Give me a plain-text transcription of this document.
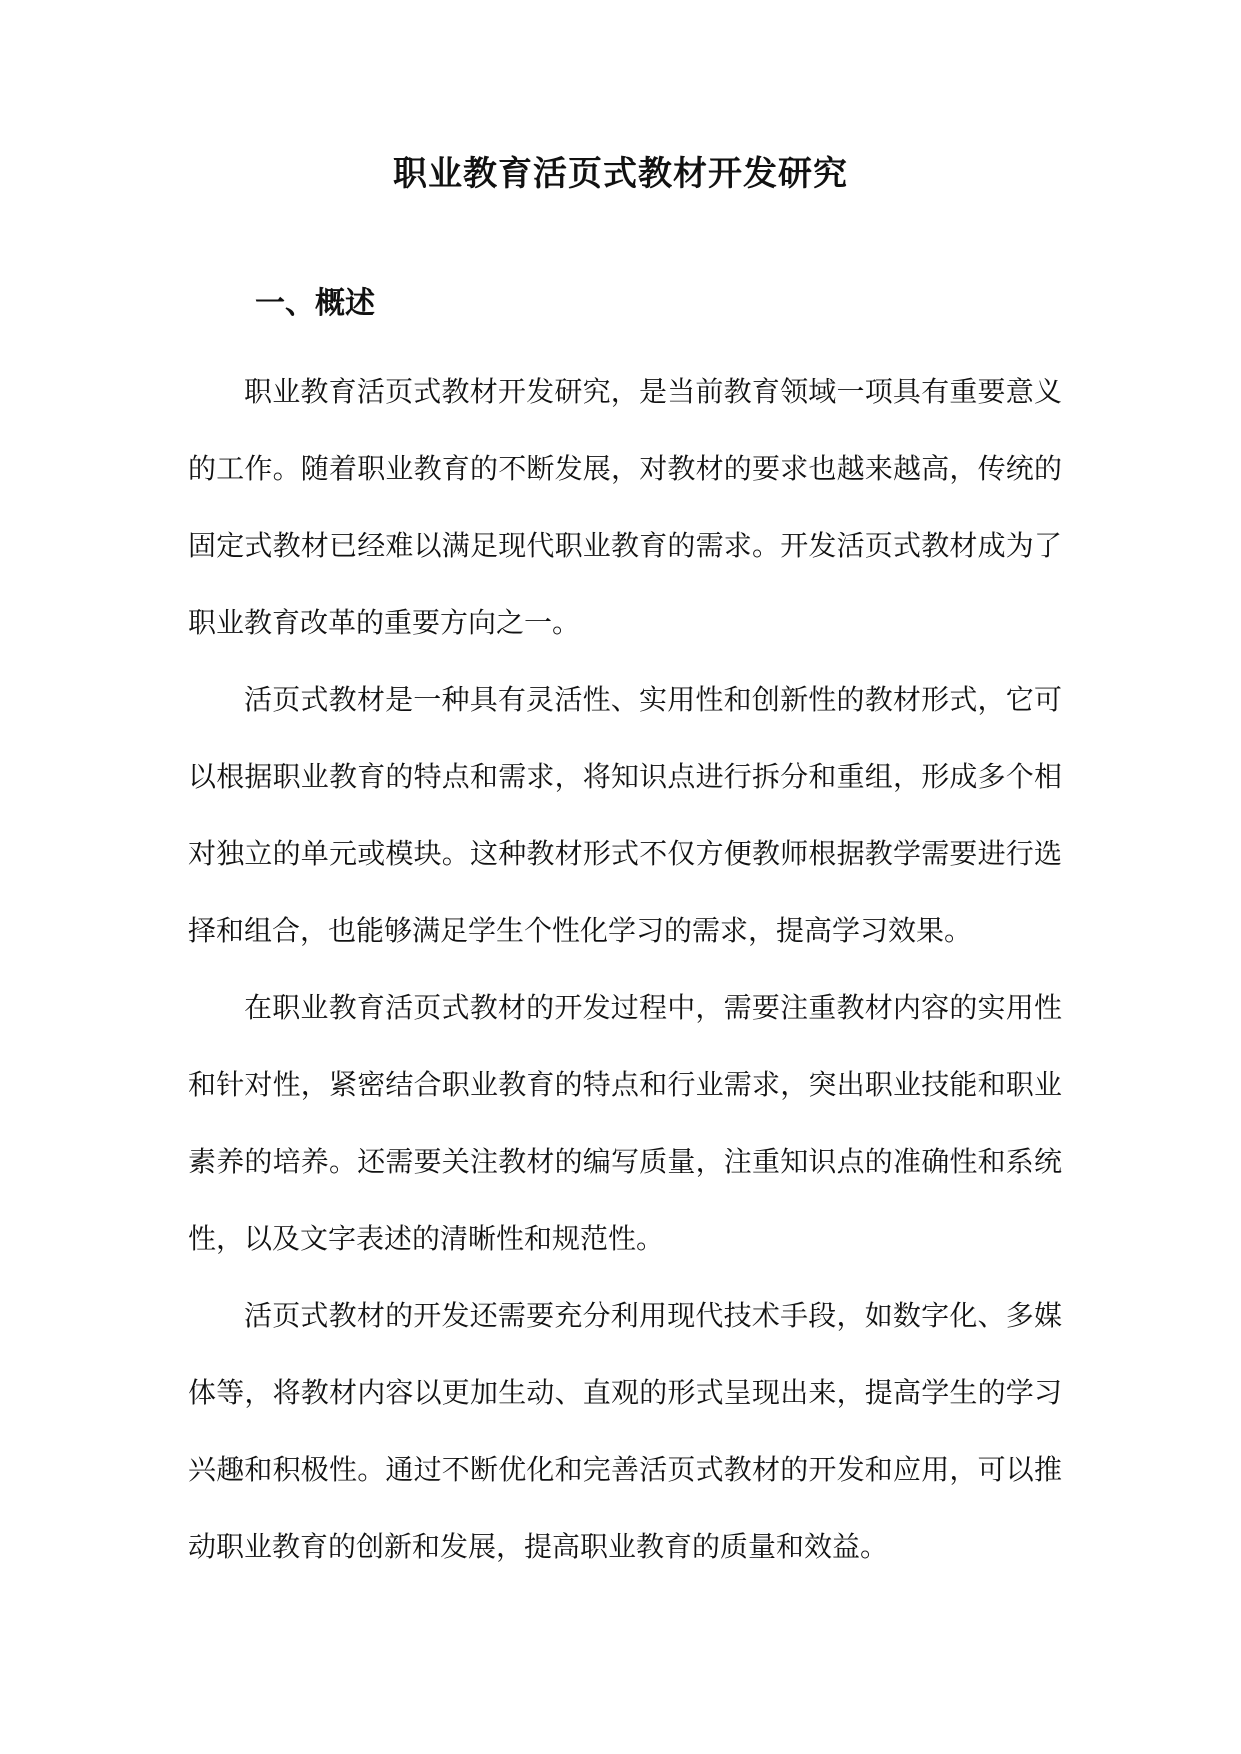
职业教育活页式教材开发研究
一、概述

职业教育活页式教材开发研究，是当前教育领域一项具有重要意义的工作。随着职业教育的不断发展，对教材的要求也越来越高，传统的固定式教材已经难以满足现代职业教育的需求。开发活页式教材成为了职业教育改革的重要方向之一。

活页式教材是一种具有灵活性、实用性和创新性的教材形式，它可以根据职业教育的特点和需求，将知识点进行拆分和重组，形成多个相对独立的单元或模块。这种教材形式不仅方便教师根据教学需要进行选择和组合，也能够满足学生个性化学习的需求，提高学习效果。

在职业教育活页式教材的开发过程中，需要注重教材内容的实用性和针对性，紧密结合职业教育的特点和行业需求，突出职业技能和职业素养的培养。还需要关注教材的编写质量，注重知识点的准确性和系统性，以及文字表述的清晰性和规范性。

活页式教材的开发还需要充分利用现代技术手段，如数字化、多媒体等，将教材内容以更加生动、直观的形式呈现出来，提高学生的学习兴趣和积极性。通过不断优化和完善活页式教材的开发和应用，可以推动职业教育的创新和发展，提高职业教育的质量和效益。
